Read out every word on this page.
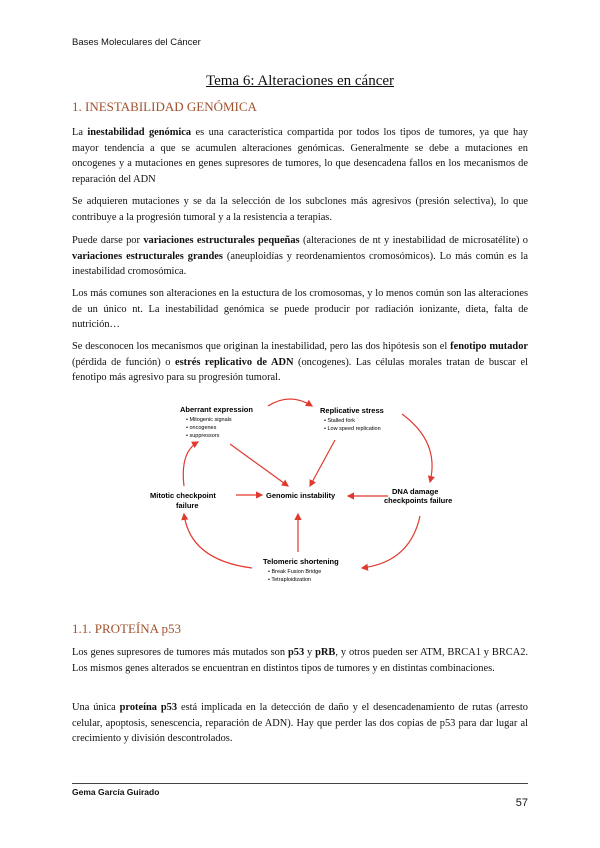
Bases Moleculares del Cáncer
Tema 6: Alteraciones en cáncer
1. INESTABILIDAD GENÓMICA

La inestabilidad genómica es una característica compartida por todos los tipos de tumores, ya que hay mayor tendencia a que se acumulen alteraciones genómicas. Generalmente se debe a mutaciones en oncogenes y a mutaciones en genes supresores de tumores, lo que desencadena fallos en los mecanismos de reparación del ADN

Se adquieren mutaciones y se da la selección de los subclones más agresivos (presión selectiva), lo que contribuye a la progresión tumoral y a la resistencia a terapias.

Puede darse por variaciones estructurales pequeñas (alteraciones de nt y inestabilidad de microsatélite) o variaciones estructurales grandes (aneuploidías y reordenamientos cromosómicos). Lo más común es la inestabilidad cromosómica.

Los más comunes son alteraciones en la estuctura de los cromosomas, y lo menos común son las alteraciones de un único nt. La inestabilidad genómica se puede producir por radiación ionizante, dieta, falta de nutrición…

Se desconocen los mecanismos que originan la inestabilidad, pero las dos hipótesis son el fenotipo mutador (pérdida de función) o estrés replicativo de ADN (oncogenes). Las células morales tratan de buscar el fenotipo más agresivo para su progresión tumoral.

Aberrant expression
• Mitogenic signals
• oncogenes
• suppressors
Replicative stress
• Stalled fork
• Low speed replication
Mitotic checkpoint
failure
Genomic instability	DNA damage
checkpoints failure
Telomeric shortening
• Break Fusion Bridge
• Tetraploidization
1.1. PROTEÍNA p53

Los genes supresores de tumores más mutados son p53 y pRB, y otros pueden ser ATM, BRCA1 y BRCA2. Los mismos genes alterados se encuentran en distintos tipos de tumores y en distintas combinaciones.

Una única proteína p53 está implicada en la detección de daño y el desencadenamiento de rutas (arresto celular, apoptosis, senescencia, reparación de ADN). Hay que perder las dos copias de p53 para dar lugar al crecimiento y división descontrolados.

Gema García Guirado
57
